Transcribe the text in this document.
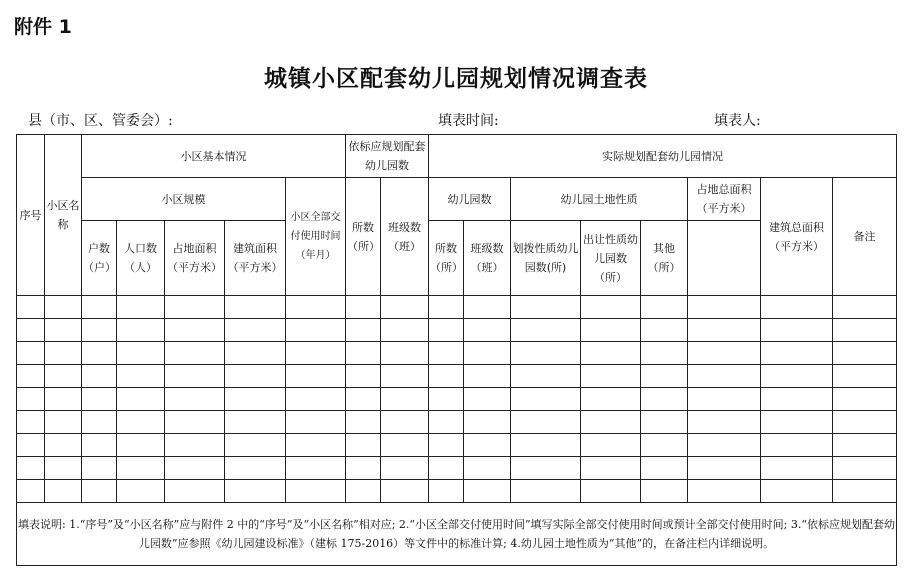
附件 1
城镇小区配套幼儿园规划情况调查表
县（市、区、管委会）:	填表时间:	填表人:
序号	小区名称	小区基本情况					依标应规划配套幼儿园数		实际规划配套幼儿园情况							
		小区规模				小区全部交付使用时间（年月）	所数（所）	班级数（班）	幼儿园数		幼儿园土地性质			占地总面积（平方米）	建筑总面积（平方米）	备注
		户数（户）	人口数（人）	占地面积（平方米）	建筑面积（平方米）				所数（所）	班级数（班）	划拨性质幼儿园数(所)	出让性质幼儿园数（所）	其他（所）			

填表说明: 1.“序号”及“小区名称”应与附件 2 中的“序号”及“小区名称”相对应; 2.“小区全部交付使用时间”填写实际全部交付使用时间或预计全部交付使用时间; 3.“依标应规划配套幼儿园数”应参照《幼儿园建设标准》（建标 175-2016）等文件中的标准计算; 4.幼儿园土地性质为“其他”的，在备注栏内详细说明。																
